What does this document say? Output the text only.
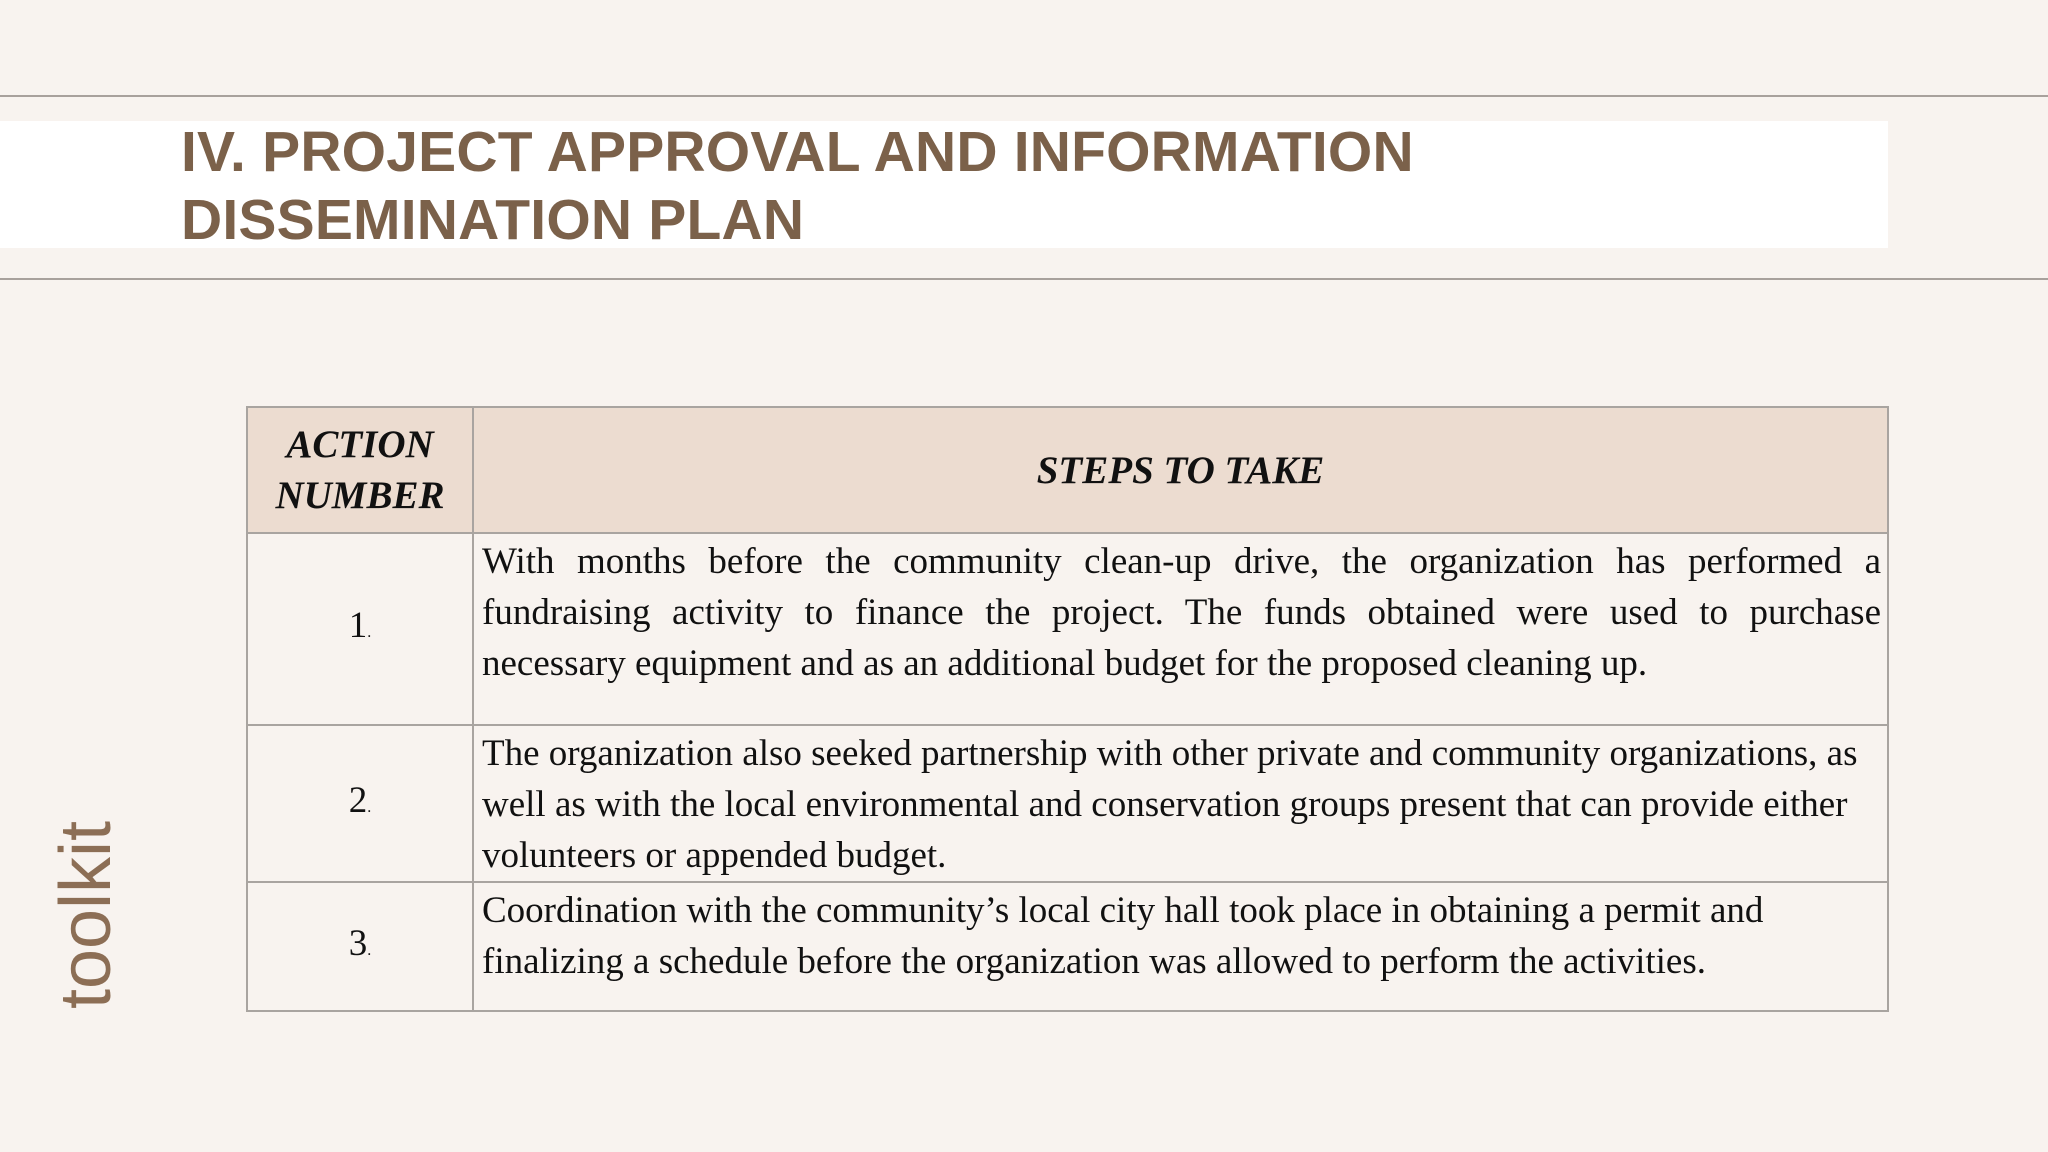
IV. PROJECT APPROVAL AND INFORMATION DISSEMINATION PLAN
toolkit
ACTION NUMBER	STEPS TO TAKE
1.	With months before the community clean-up drive, the organization has performed a fundraising activity to finance the project. The funds obtained were used to purchase necessary equipment and as an additional budget for the proposed cleaning up.
2.	The organization also seeked partnership with other private and community organizations, as well as with the local environmental and conservation groups present that can provide either volunteers or appended budget.
3.	Coordination with the community’s local city hall took place in obtaining a permit and finalizing a schedule before the organization was allowed to perform the activities.
